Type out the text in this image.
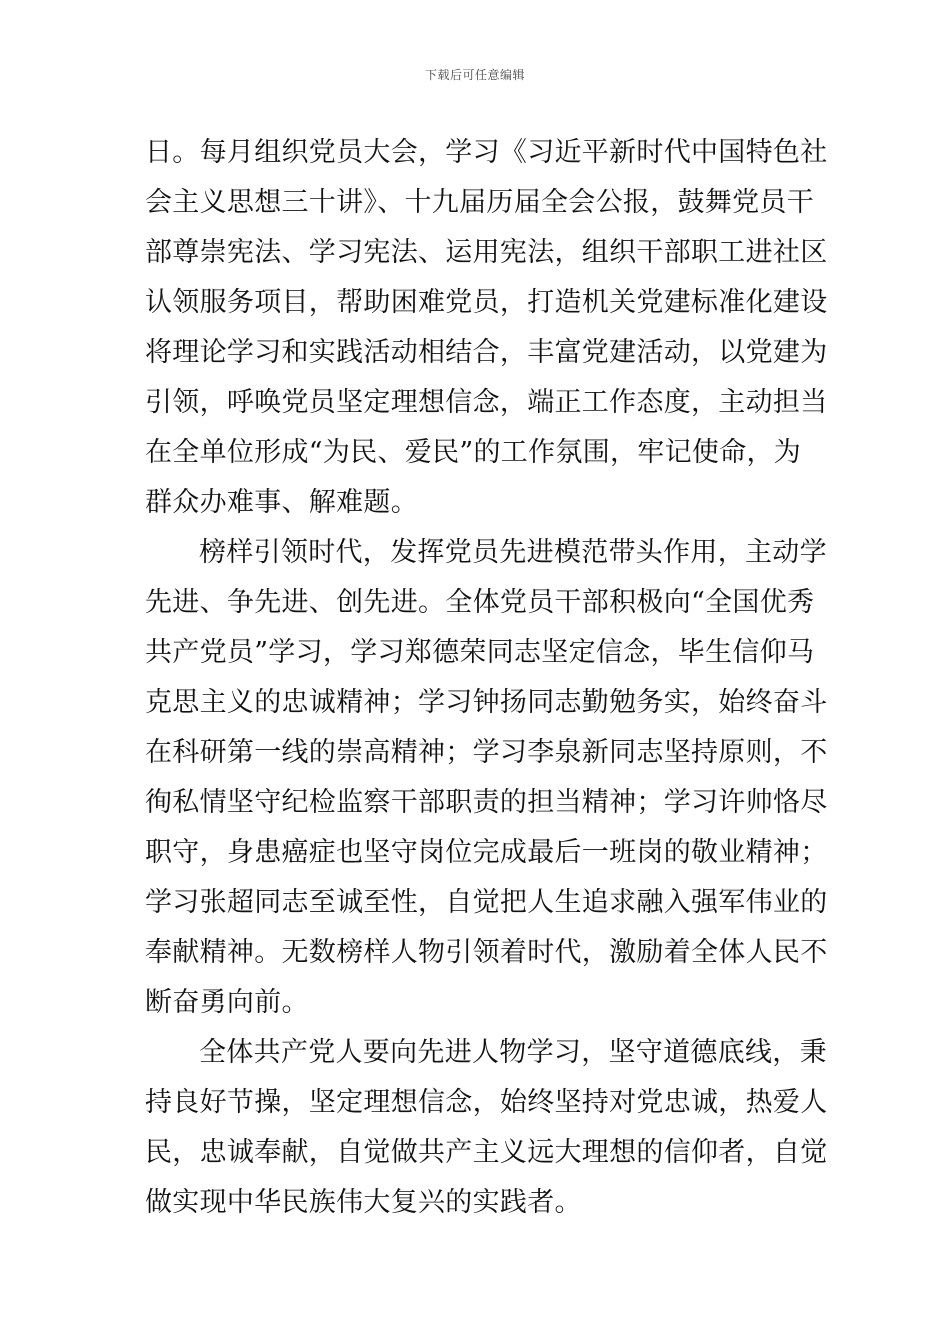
下载后可任意编辑
日。每月组织党员大会，学习《习近平新时代中国特色社
会主义思想三十讲》、十九届历届全会公报，鼓舞党员干
部尊崇宪法、学习宪法、运用宪法，组织干部职工进社区
认领服务项目，帮助困难党员，打造机关党建标准化建设
将理论学习和实践活动相结合，丰富党建活动，以党建为
引领，呼唤党员坚定理想信念，端正工作态度，主动担当
在全单位形成“为民、爱民”的工作氛围，牢记使命，为
群众办难事、解难题。
榜样引领时代，发挥党员先进模范带头作用，主动学
先进、争先进、创先进。全体党员干部积极向“全国优秀
共产党员”学习，学习郑德荣同志坚定信念，毕生信仰马
克思主义的忠诚精神；学习钟扬同志勤勉务实，始终奋斗
在科研第一线的崇高精神；学习李泉新同志坚持原则，不
徇私情坚守纪检监察干部职责的担当精神；学习许帅恪尽
职守，身患癌症也坚守岗位完成最后一班岗的敬业精神；
学习张超同志至诚至性，自觉把人生追求融入强军伟业的
奉献精神。无数榜样人物引领着时代，激励着全体人民不
断奋勇向前。
全体共产党人要向先进人物学习，坚守道德底线，秉
持良好节操，坚定理想信念，始终坚持对党忠诚，热爱人
民，忠诚奉献，自觉做共产主义远大理想的信仰者，自觉
做实现中华民族伟大复兴的实践者。
